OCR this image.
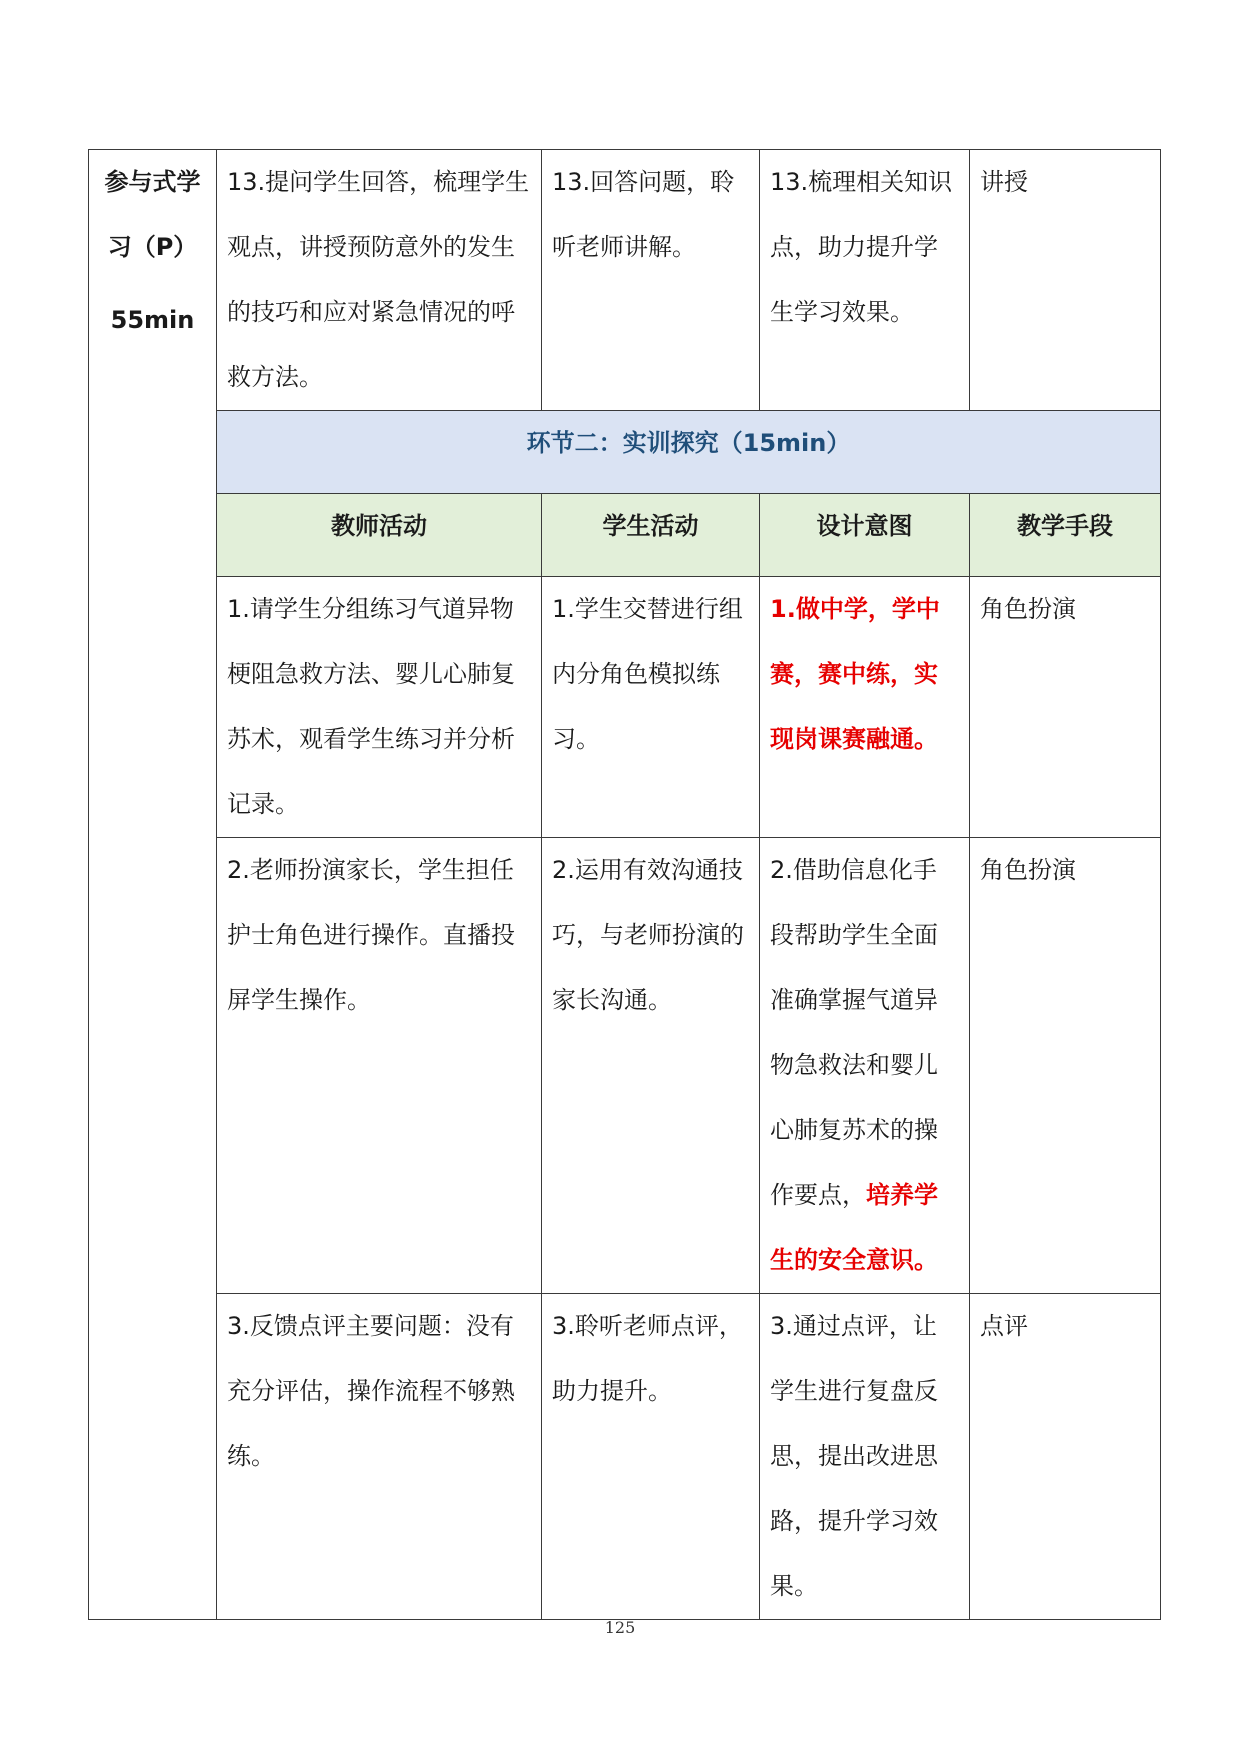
参与式学
习（P）
55min	13.提问学生回答，梳理学生观点，讲授预防意外的发生的技巧和应对紧急情况的呼救方法。	13.回答问题，聆听老师讲解。	13.梳理相关知识点，助力提升学生学习效果。	讲授
	环节二：实训探究（15min）			
	教师活动	学生活动	设计意图	教学手段
	1.请学生分组练习气道异物梗阻急救方法、婴儿心肺复苏术，观看学生练习并分析记录。	1.学生交替进行组内分角色模拟练习。	1.做中学，学中赛，赛中练，实现岗课赛融通。	角色扮演
	2.老师扮演家长，学生担任护士角色进行操作。直播投屏学生操作。	2.运用有效沟通技巧，与老师扮演的家长沟通。	2.借助信息化手段帮助学生全面准确掌握气道异物急救法和婴儿心肺复苏术的操作要点，培养学生的安全意识。	角色扮演
	3.反馈点评主要问题：没有充分评估，操作流程不够熟练。	3.聆听老师点评，助力提升。	3.通过点评，让学生进行复盘反思，提出改进思路，提升学习效果。	点评
125
